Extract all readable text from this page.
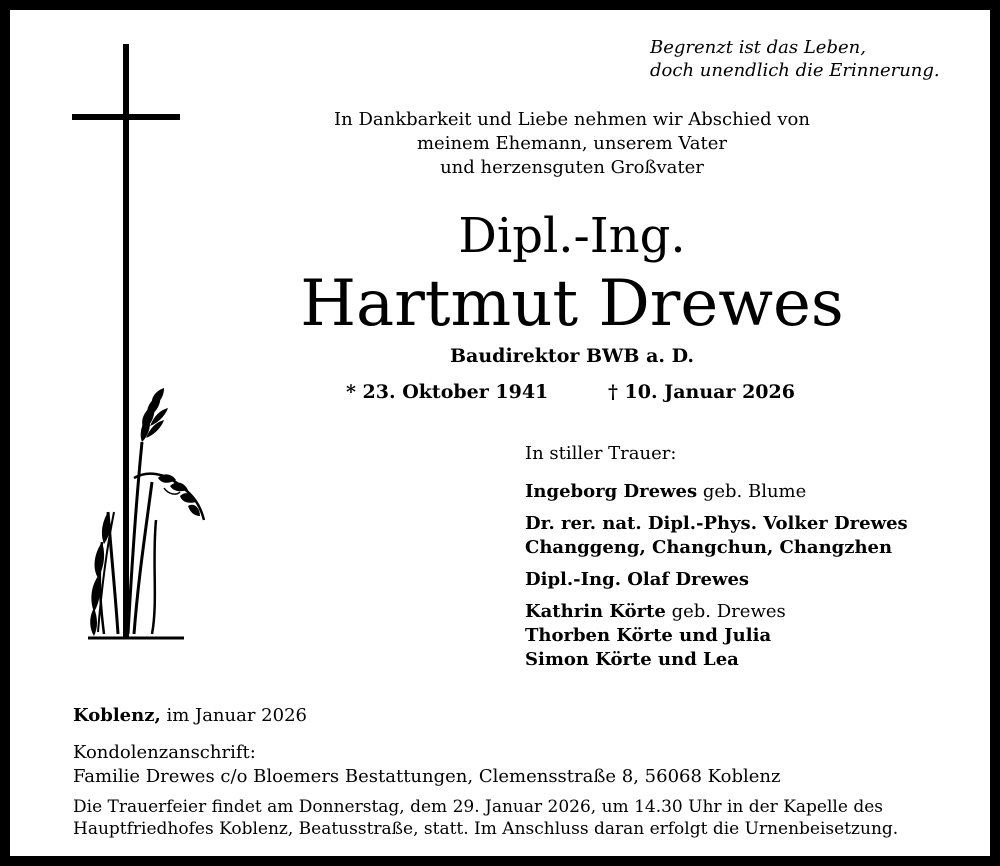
Begrenzt ist das Leben,
doch unendlich die Erinnerung.
In Dankbarkeit und Liebe nehmen wir Abschied von
meinem Ehemann, unserem Vater
und herzensguten Großvater
Dipl.-Ing.
Hartmut Drewes
Baudirektor BWB a. D.
* 23. Oktober 1941	† 10. Januar 2026
In stiller Trauer:
Ingeborg Drewes geb. Blume
Dr. rer. nat. Dipl.-Phys. Volker Drewes
Changgeng, Changchun, Changzhen
Dipl.-Ing. Olaf Drewes
Kathrin Körte geb. Drewes
Thorben Körte und Julia
Simon Körte und Lea
Koblenz, im Januar 2026
Kondolenzanschrift:
Familie Drewes c/o Bloemers Bestattungen, Clemensstraße 8, 56068 Koblenz
Die Trauerfeier findet am Donnerstag, dem 29. Januar 2026, um 14.30 Uhr in der Kapelle des
Hauptfriedhofes Koblenz, Beatusstraße, statt. Im Anschluss daran erfolgt die Urnenbeisetzung.
